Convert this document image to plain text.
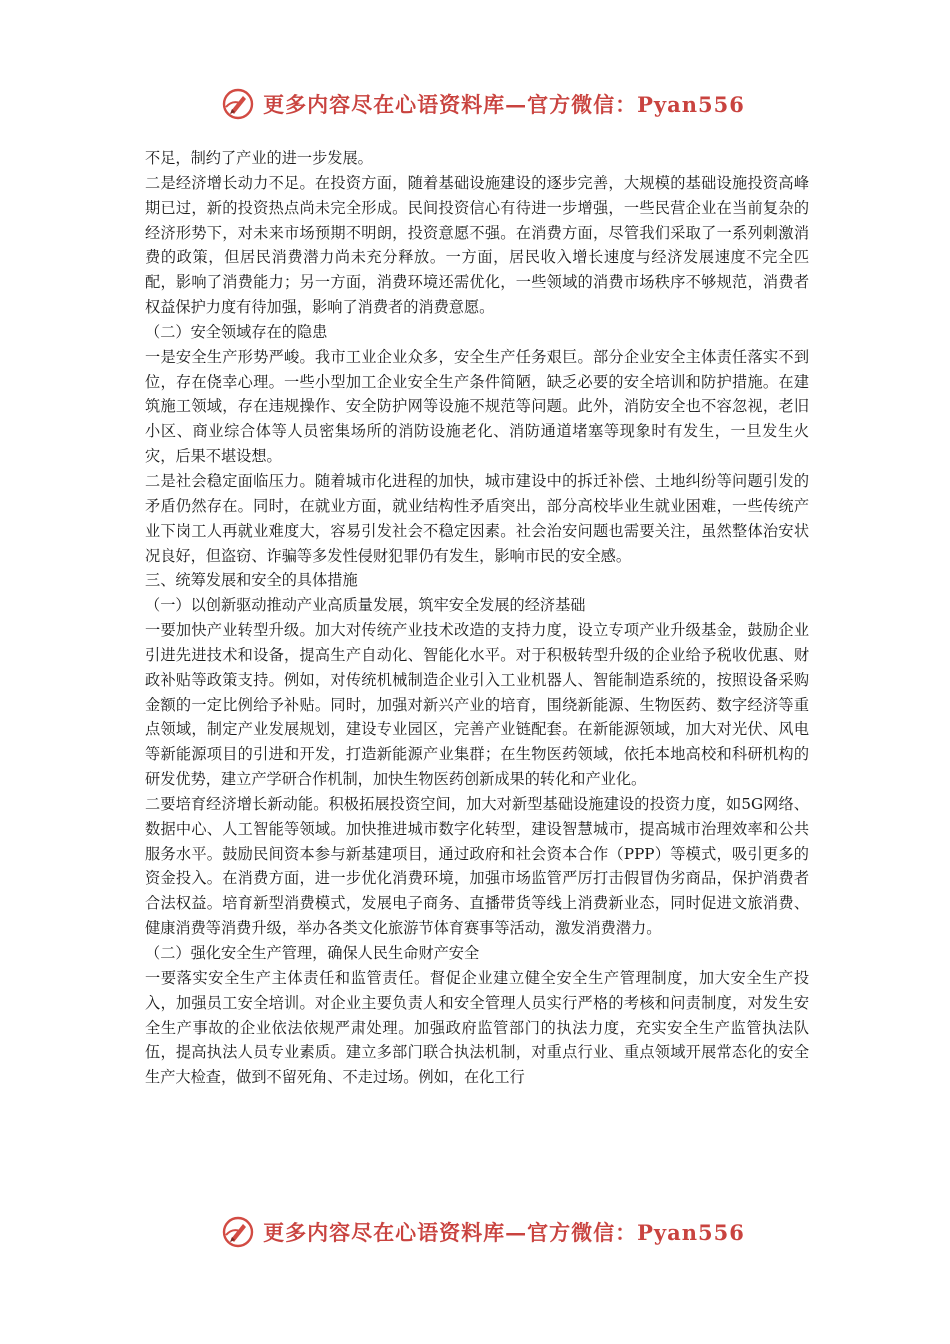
更多内容尽在心语资料库—官方微信：Pyan556

不足，制约了产业的进一步发展。

二是经济增长动力不足。在投资方面，随着基础设施建设的逐步完善，大规模的基础设施投资高峰期已过，新的投资热点尚未完全形成。民间投资信心有待进一步增强，一些民营企业在当前复杂的经济形势下，对未来市场预期不明朗，投资意愿不强。在消费方面，尽管我们采取了一系列刺激消费的政策，但居民消费潜力尚未充分释放。一方面，居民收入增长速度与经济发展速度不完全匹配，影响了消费能力；另一方面，消费环境还需优化，一些领域的消费市场秩序不够规范，消费者权益保护力度有待加强，影响了消费者的消费意愿。

（二）安全领域存在的隐患

一是安全生产形势严峻。我市工业企业众多，安全生产任务艰巨。部分企业安全主体责任落实不到位，存在侥幸心理。一些小型加工企业安全生产条件简陋，缺乏必要的安全培训和防护措施。在建筑施工领域，存在违规操作、安全防护网等设施不规范等问题。此外，消防安全也不容忽视，老旧小区、商业综合体等人员密集场所的消防设施老化、消防通道堵塞等现象时有发生，一旦发生火灾，后果不堪设想。

二是社会稳定面临压力。随着城市化进程的加快，城市建设中的拆迁补偿、土地纠纷等问题引发的矛盾仍然存在。同时，在就业方面，就业结构性矛盾突出，部分高校毕业生就业困难，一些传统产业下岗工人再就业难度大，容易引发社会不稳定因素。社会治安问题也需要关注，虽然整体治安状况良好，但盗窃、诈骗等多发性侵财犯罪仍有发生，影响市民的安全感。

三、统筹发展和安全的具体措施

（一）以创新驱动推动产业高质量发展，筑牢安全发展的经济基础

一要加快产业转型升级。加大对传统产业技术改造的支持力度，设立专项产业升级基金，鼓励企业引进先进技术和设备，提高生产自动化、智能化水平。对于积极转型升级的企业给予税收优惠、财政补贴等政策支持。例如，对传统机械制造企业引入工业机器人、智能制造系统的，按照设备采购金额的一定比例给予补贴。同时，加强对新兴产业的培育，围绕新能源、生物医药、数字经济等重点领域，制定产业发展规划，建设专业园区，完善产业链配套。在新能源领域，加大对光伏、风电等新能源项目的引进和开发，打造新能源产业集群；在生物医药领域，依托本地高校和科研机构的研发优势，建立产学研合作机制，加快生物医药创新成果的转化和产业化。

二要培育经济增长新动能。积极拓展投资空间，加大对新型基础设施建设的投资力度，如5G网络、数据中心、人工智能等领域。加快推进城市数字化转型，建设智慧城市，提高城市治理效率和公共服务水平。鼓励民间资本参与新基建项目，通过政府和社会资本合作（PPP）等模式，吸引更多的资金投入。在消费方面，进一步优化消费环境，加强市场监管严厉打击假冒伪劣商品，保护消费者合法权益。培育新型消费模式，发展电子商务、直播带货等线上消费新业态，同时促进文旅消费、健康消费等消费升级，举办各类文化旅游节体育赛事等活动，激发消费潜力。

（二）强化安全生产管理，确保人民生命财产安全

一要落实安全生产主体责任和监管责任。督促企业建立健全安全生产管理制度，加大安全生产投入，加强员工安全培训。对企业主要负责人和安全管理人员实行严格的考核和问责制度，对发生安全生产事故的企业依法依规严肃处理。加强政府监管部门的执法力度，充实安全生产监管执法队伍，提高执法人员专业素质。建立多部门联合执法机制，对重点行业、重点领域开展常态化的安全生产大检查，做到不留死角、不走过场。例如，在化工行

更多内容尽在心语资料库—官方微信：Pyan556
